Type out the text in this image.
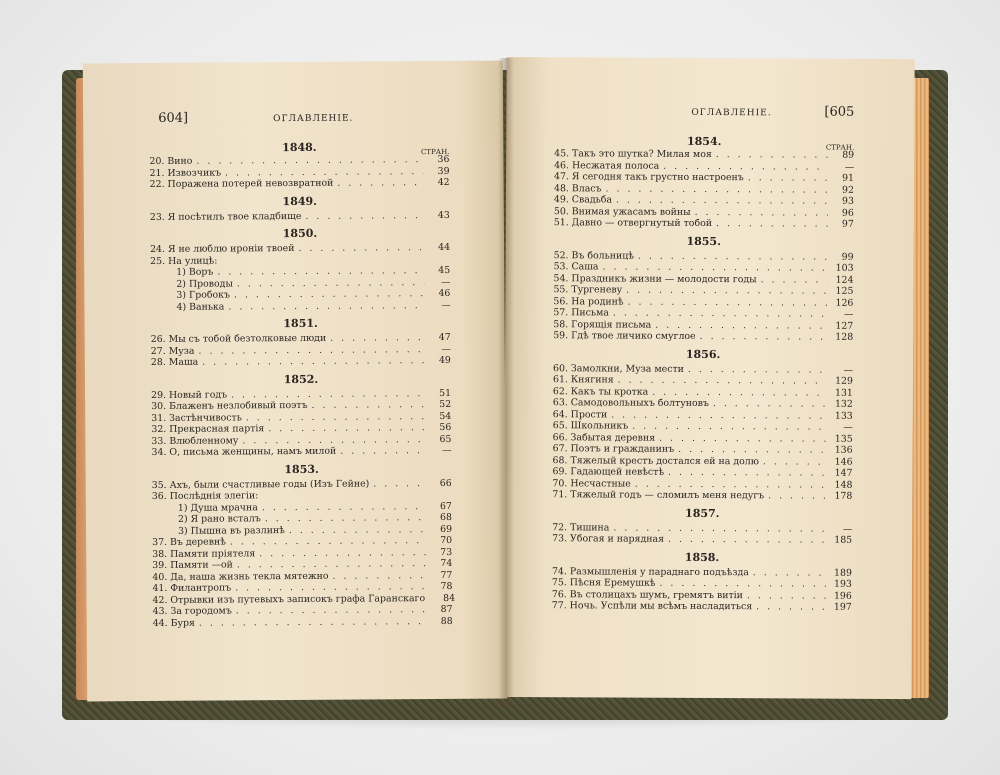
604]	ОГЛАВЛЕНІЕ.
1848.	СТРАН.
20. Вино . . .	36
21. Извозчикъ . . .	39
22. Поражена потерей невозвратной . . .	42
1849.
23. Я посѣтилъ твое кладбище . . .	43
1850.
24. Я не люблю ироніи твоей . . .	44
25. На улицѣ:
1) Воръ . . .	45
2) Проводы . . .	—
3) Гробокъ . . .	46
4) Ванька . . .	—
1851.
26. Мы съ тобой безтолковые люди . . .	47
27. Муза . . .	—
28. Маша . . .	49
1852.
29. Новый годъ . . .	51
30. Блаженъ незлобивый поэтъ . . .	52
31. Застѣнчивость . . .	54
32. Прекрасная партія . . .	56
33. Влюбленному . . .	65
34. О, письма женщины, намъ милой . . .	—
1853.
35. Ахъ, были счастливые годы (Изъ Гейне) . . .	66
36. Послѣднія элегіи:
1) Душа мрачна . . .	67
2) Я рано всталъ . . .	68
3) Пышна въ разлинѣ . . .	69
37. Въ деревнѣ . . .	70
38. Памяти пріятеля . . .	73
39. Памяти —ой . . .	74
40. Да, наша жизнь текла мятежно . . .	77
41. Филантропъ . . .	78
42. Отрывки изъ путевыхъ записокъ графа Гаранскаго . . .	84
43. За городомъ . . .	87
44. Буря . . .	88
ОГЛАВЛЕНІЕ.	[605
1854.	СТРАН.
45. Такъ это шутка? Милая моя . . .	89
46. Несжатая полоса . . .	—
47. Я сегодня такъ грустно настроенъ . . .	91
48. Власъ . . .	92
49. Свадьба . . .	93
50. Внимая ужасамъ войны . . .	96
51. Давно — отвергнутый тобой . . .	97
1855.
52. Въ больницѣ . . .	99
53. Саша . . .	103
54. Праздникъ жизни — молодости годы . . .	124
55. Тургеневу . . .	125
56. На родинѣ . . .	126
57. Письма . . .	—
58. Горящія письма . . .	127
59. Гдѣ твое личико смуглое . . .	128
1856.
60. Замолкни, Муза мести . . .	—
61. Княгиня . . .	129
62. Какъ ты кротка . . .	131
63. Самодовольныхъ болтуновъ . . .	132
64. Прости . . .	133
65. Школьникъ . . .	—
66. Забытая деревня . . .	135
67. Поэтъ и гражданинъ . . .	136
68. Тяжелый крестъ достался ей на долю . . .	146
69. Гадающей невѣстѣ . . .	147
70. Несчастные . . .	148
71. Тяжелый годъ — сломилъ меня недугъ . . .	178
1857.
72. Тишина . . .	—
73. Убогая и нарядная . . .	185
1858.
74. Размышленія у параднаго подъѣзда . . .	189
75. Пѣсня Еремушкѣ . . .	193
76. Въ столицахъ шумъ, гремятъ витіи . . .	196
77. Ночь. Успѣли мы всѣмъ насладиться . . .	197
